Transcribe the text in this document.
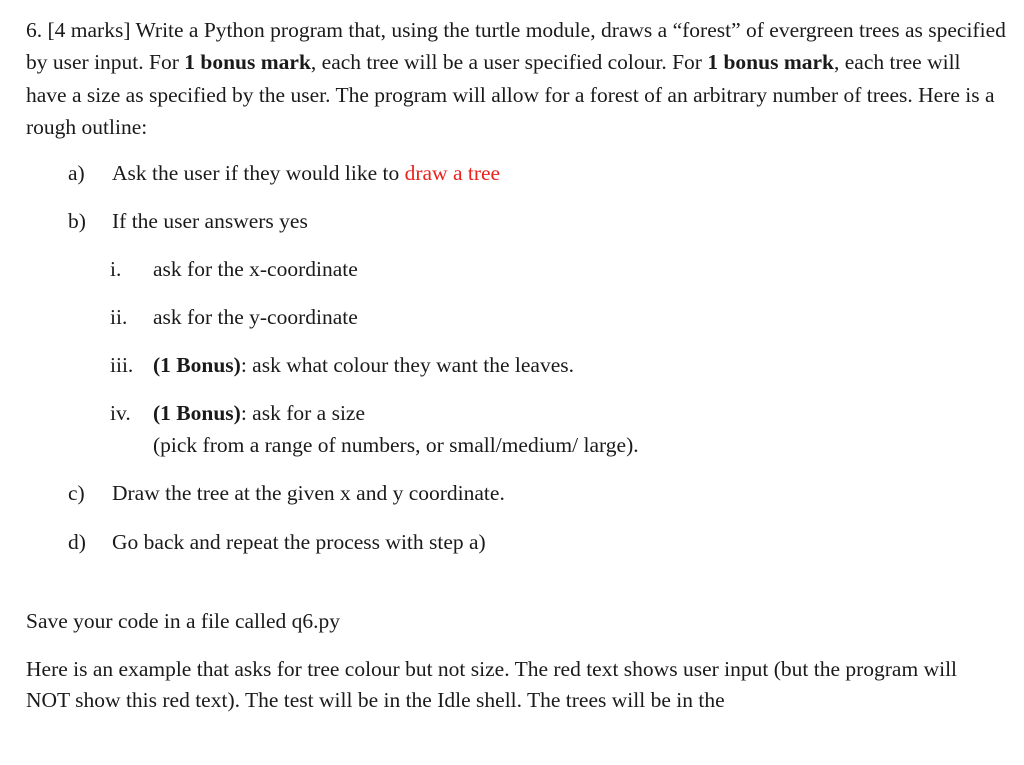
6. [4 marks] Write a Python program that, using the turtle module, draws a “forest” of evergreen trees as specified by user input. For 1 bonus mark, each tree will be a user specified colour. For 1 bonus mark, each tree will have a size as specified by the user. The program will allow for a forest of an arbitrary number of trees. Here is a rough outline:

a) Ask the user if they would like to draw a tree
b) If the user answers yes
i. ask for the x-coordinate
ii. ask for the y-coordinate
iii. (1 Bonus): ask what colour they want the leaves.
iv. (1 Bonus): ask for a size
(pick from a range of numbers, or small/medium/ large).
c) Draw the tree at the given x and y coordinate.
d) Go back and repeat the process with step a)

Save your code in a file called q6.py

Here is an example that asks for tree colour but not size. The red text shows user input (but the program will NOT show this red text). The test will be in the Idle shell. The trees will be in the
